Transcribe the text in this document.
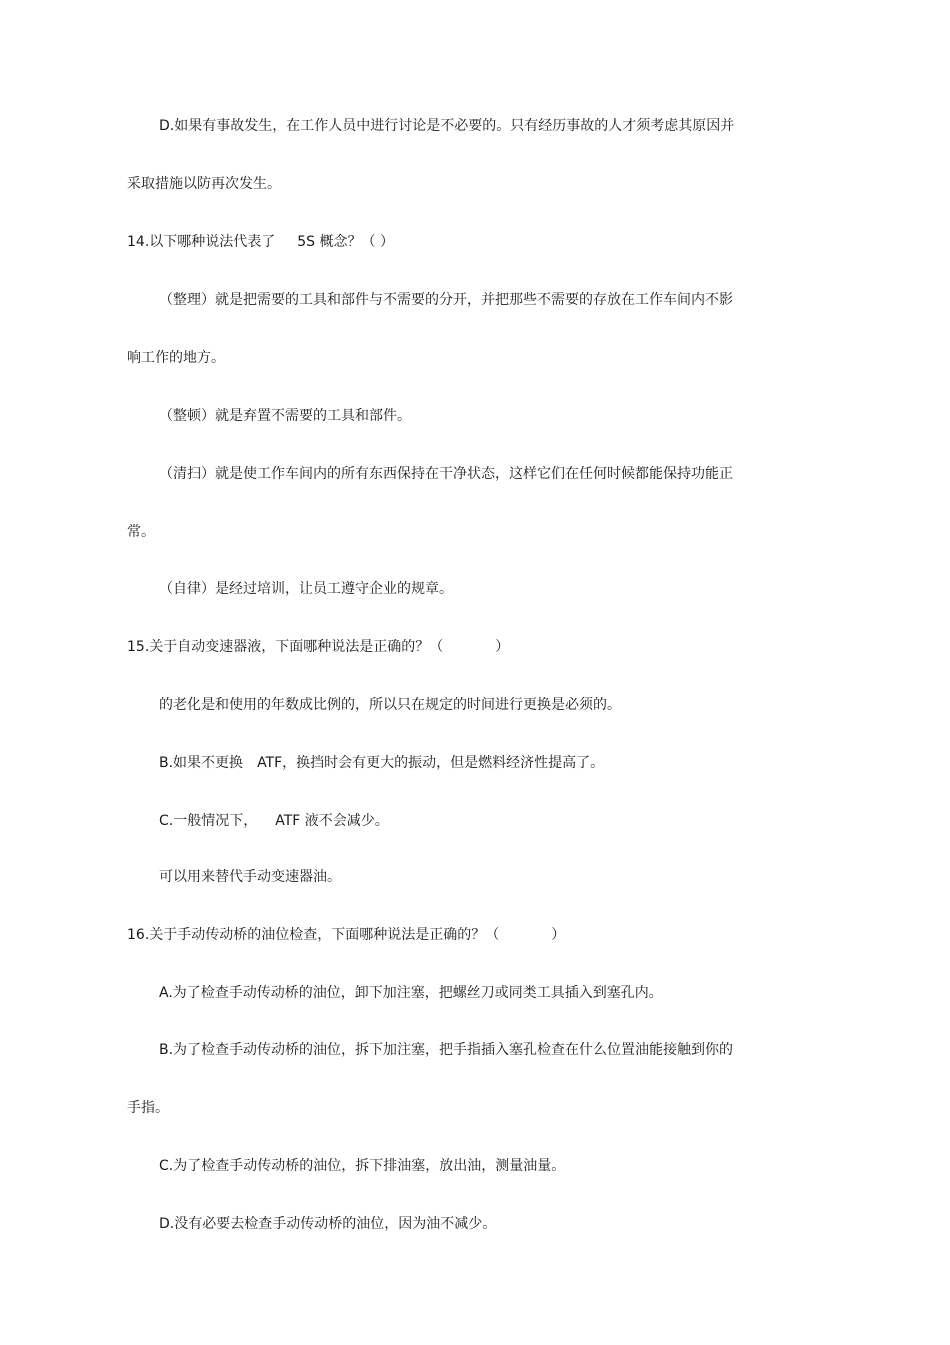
D.如果有事故发生，在工作人员中进行讨论是不必要的。只有经历事故的人才须考虑其原因并
采取措施以防再次发生。
14.以下哪种说法代表了 5S 概念？（ ）
（整理）就是把需要的工具和部件与不需要的分开，并把那些不需要的存放在工作车间内不影
响工作的地方。
（整顿）就是弃置不需要的工具和部件。
（清扫）就是使工作车间内的所有东西保持在干净状态，这样它们在任何时候都能保持功能正
常。
（自律）是经过培训，让员工遵守企业的规章。
15.关于自动变速器液，下面哪种说法是正确的？（	）
的老化是和使用的年数成比例的，所以只在规定的时间进行更换是必须的。
B.如果不更换 ATF，换挡时会有更大的振动，但是燃料经济性提高了。
C.一般情况下， ATF 液不会减少。
可以用来替代手动变速器油。
16.关于手动传动桥的油位检查，下面哪种说法是正确的？（	）
A.为了检查手动传动桥的油位，卸下加注塞，把螺丝刀或同类工具插入到塞孔内。
B.为了检查手动传动桥的油位，拆下加注塞，把手指插入塞孔检查在什么位置油能接触到你的
手指。
C.为了检查手动传动桥的油位，拆下排油塞，放出油，测量油量。
D.没有必要去检查手动传动桥的油位，因为油不减少。
